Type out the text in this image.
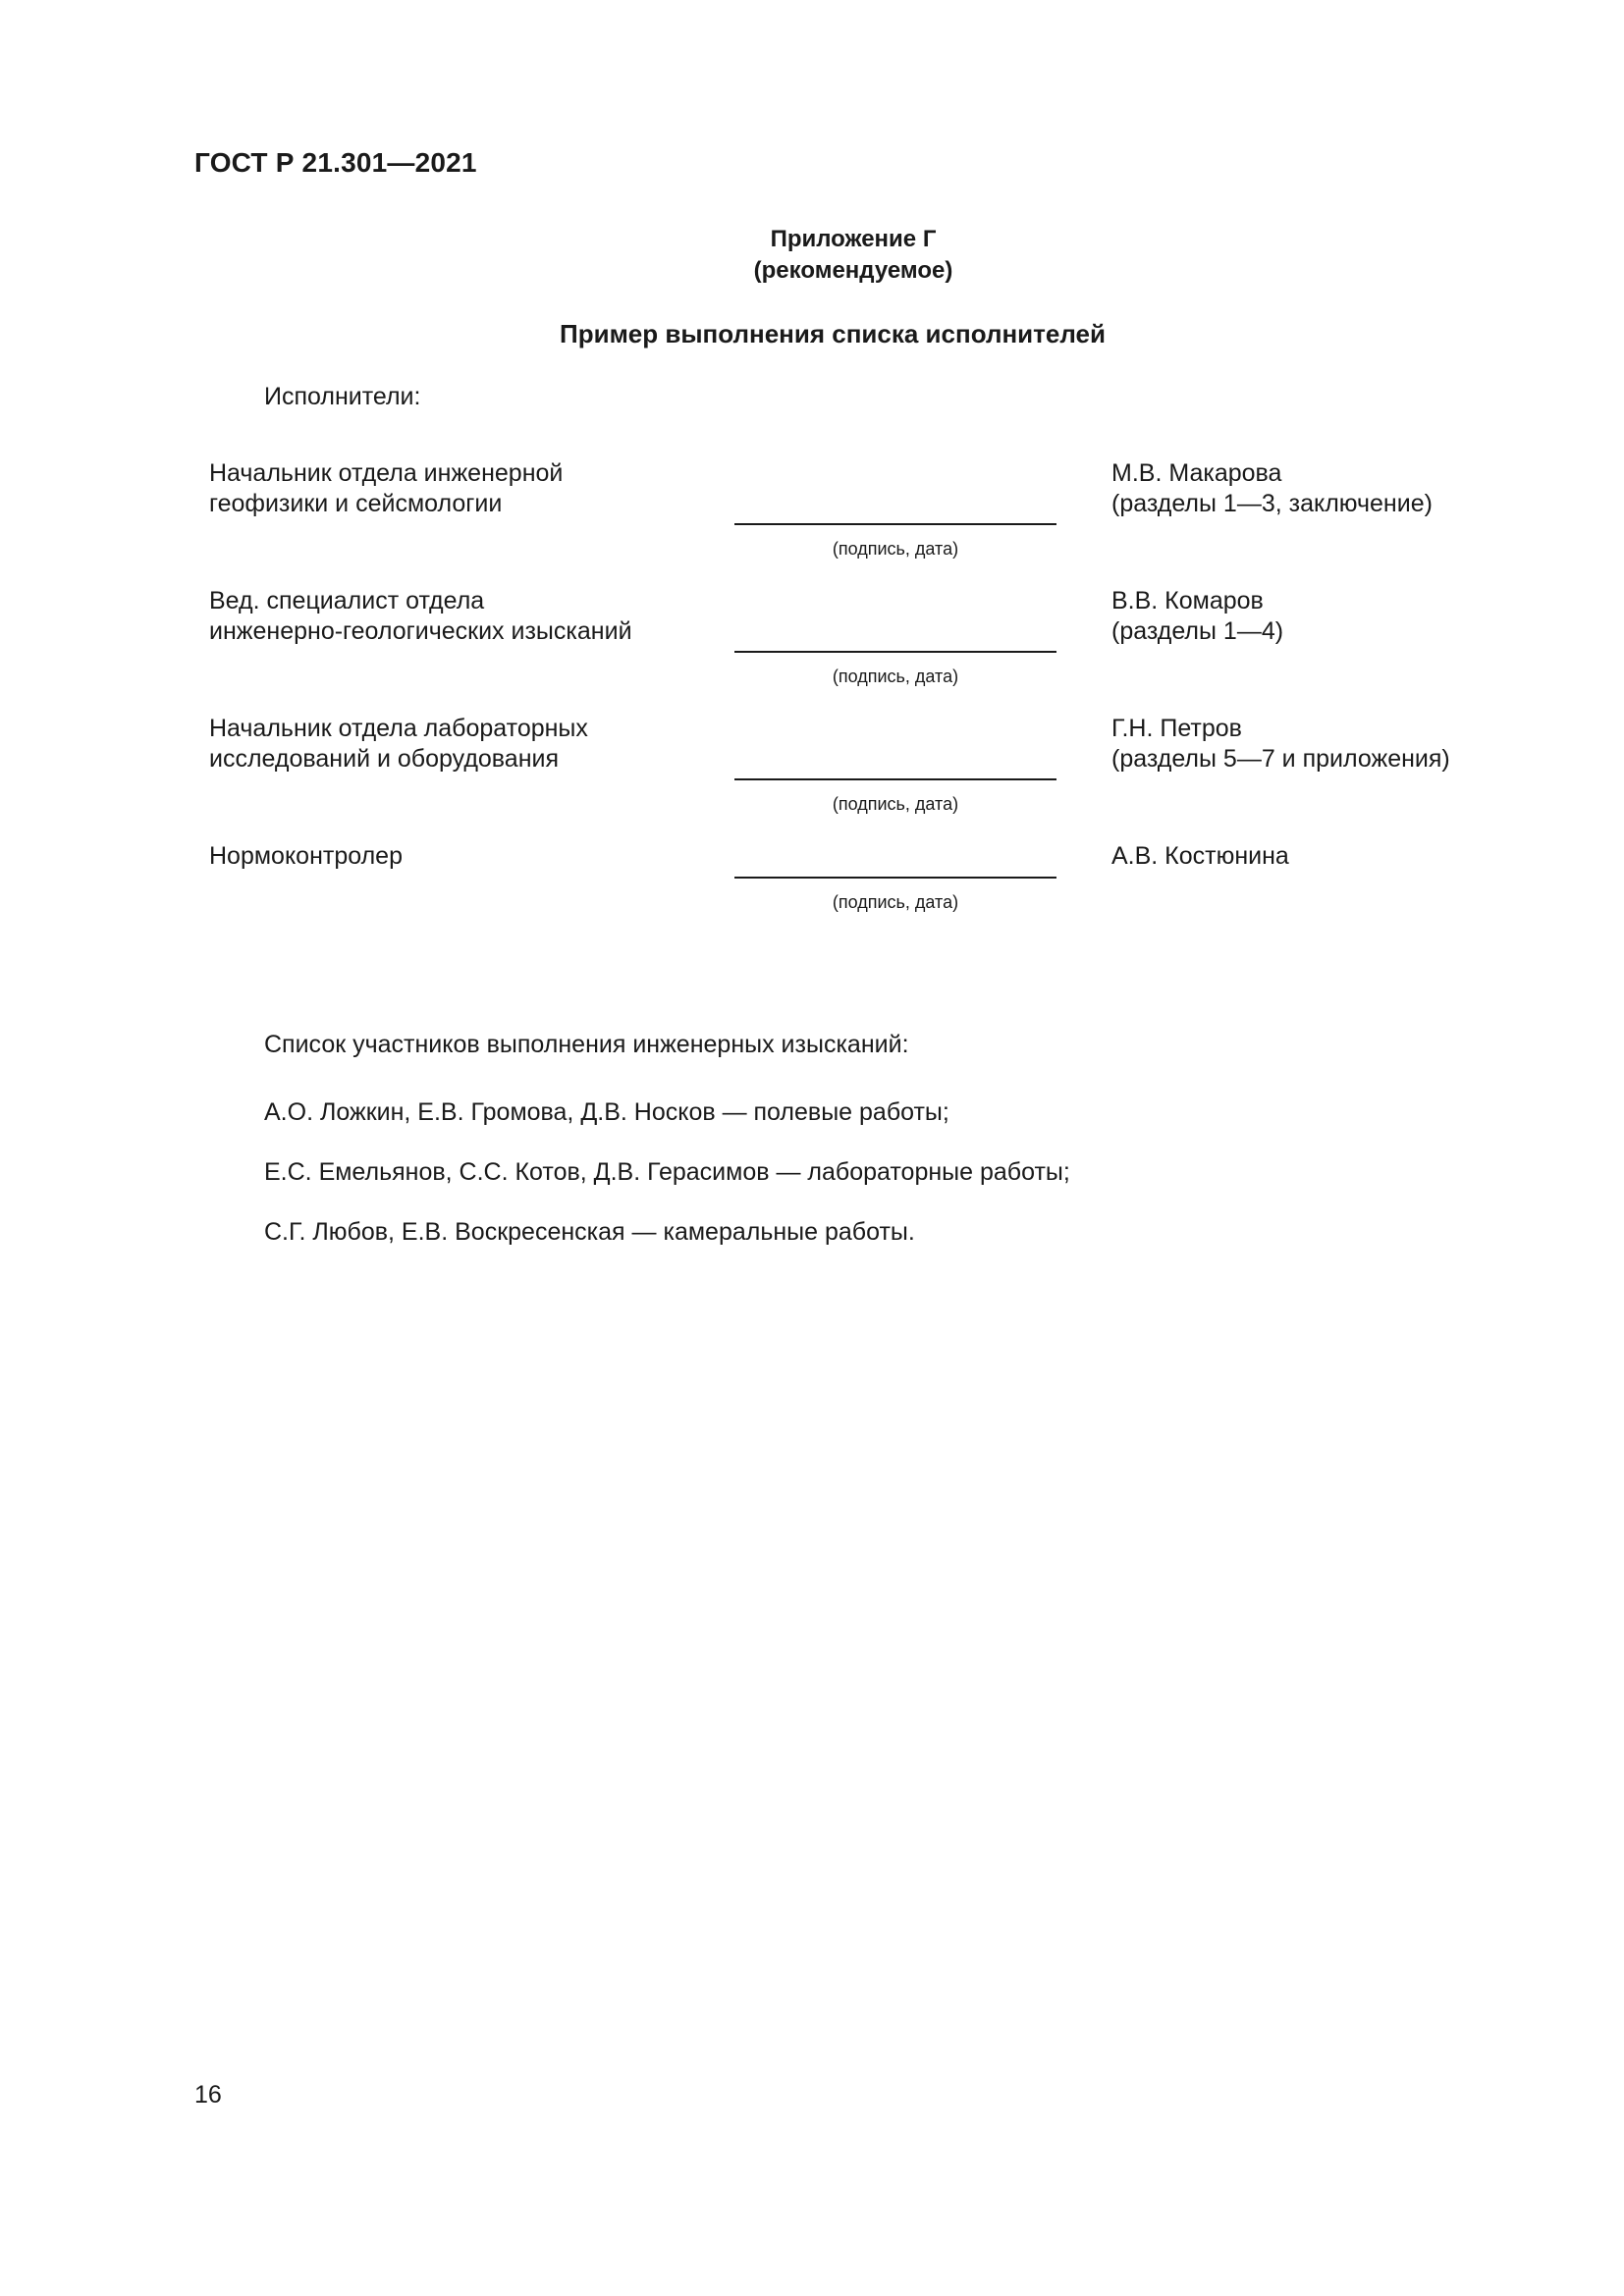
ГОСТ Р 21.301—2021
Приложение Г
(рекомендуемое)
Пример выполнения списка исполнителей
Исполнители:
Начальник отдела инженерной
геофизики и сейсмологии
(подпись, дата)
М.В. Макарова
(разделы 1—3, заключение)
Вед. специалист отдела
инженерно-геологических изысканий
(подпись, дата)
В.В. Комаров
(разделы 1—4)
Начальник отдела лабораторных
исследований и оборудования
(подпись, дата)
Г.Н. Петров
(разделы 5—7 и приложения)
Нормоконтролер
(подпись, дата)
А.В. Костюнина
Список участников выполнения инженерных изысканий:
А.О. Ложкин, Е.В. Громова, Д.В. Носков — полевые работы;
Е.С. Емельянов, С.С. Котов, Д.В. Герасимов — лабораторные работы;
С.Г. Любов, Е.В. Воскресенская — камеральные работы.
16
